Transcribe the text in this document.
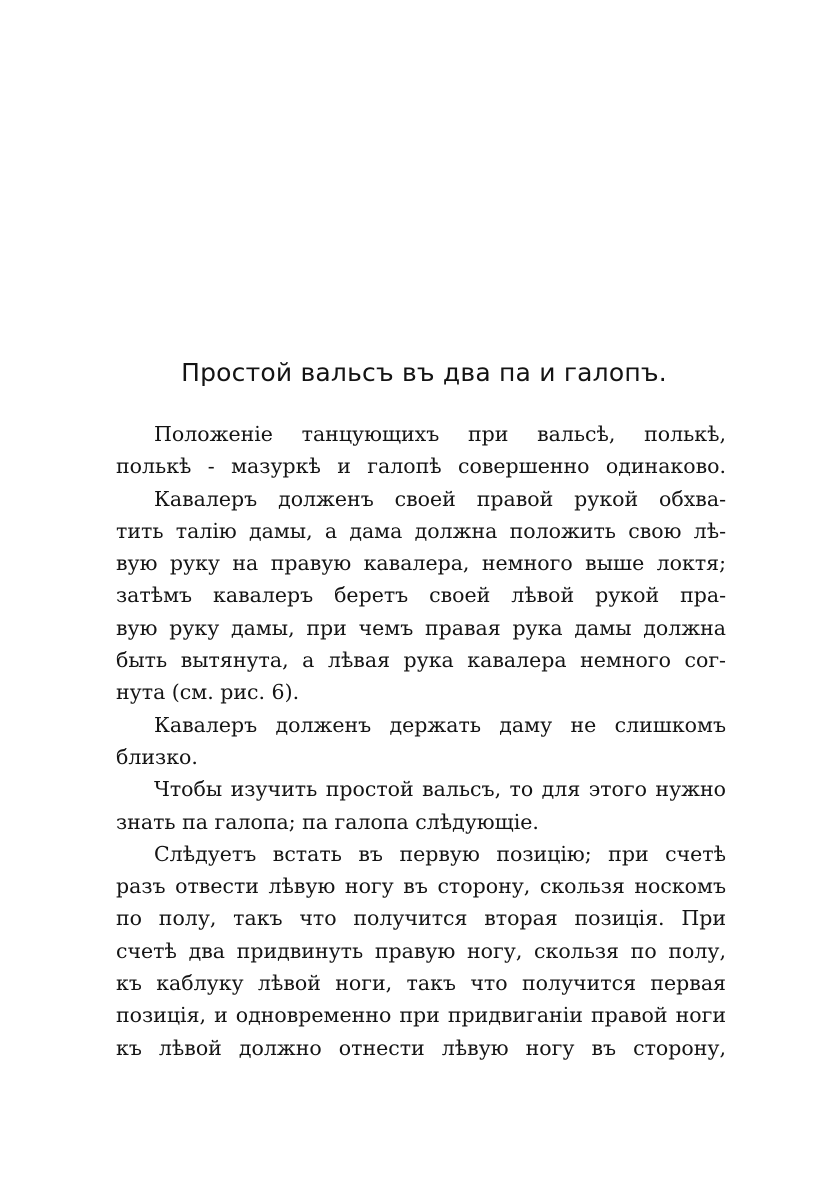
Простой вальсъ въ два па и галопъ.
Положеніе танцующихъ при вальсѣ, полькѣ,
полькѣ - мазуркѣ и галопѣ совершенно одинаково.
Кавалеръ долженъ своей правой рукой обхва-
тить талію дамы, а дама должна положить свою лѣ-
вую руку на правую кавалера, немного выше локтя;
затѣмъ кавалеръ беретъ своей лѣвой рукой пра-
вую руку дамы, при чемъ правая рука дамы должна
быть вытянута, а лѣвая рука кавалера немного сог-
нута (см. рис. 6).
Кавалеръ долженъ держать даму не слишкомъ
близко.
Чтобы изучить простой вальсъ, то для этого нужно
знать па галопа; па галопа слѣдующіе.
Слѣдуетъ встать въ первую позицію; при счетѣ
разъ отвести лѣвую ногу въ сторону, скользя носкомъ
по полу, такъ что получится вторая позиція. При
счетѣ два придвинуть правую ногу, скользя по полу,
къ каблуку лѣвой ноги, такъ что получится первая
позиція, и одновременно при придвиганіи правой ноги
къ лѣвой должно отнести лѣвую ногу въ сторону,
